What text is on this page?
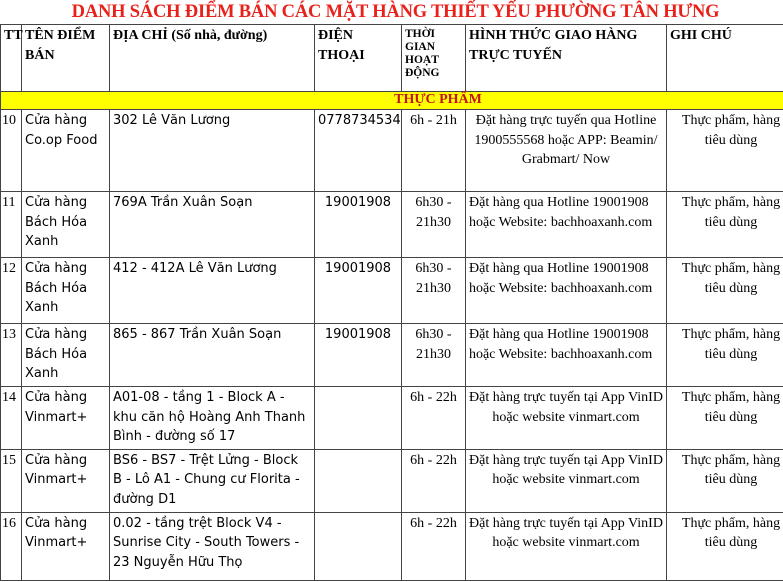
DANH SÁCH ĐIỂM BÁN CÁC MẶT HÀNG THIẾT YẾU PHƯỜNG TÂN HƯNG
TT	TÊN ĐIỂM BÁN	ĐỊA CHỈ (Số nhà, đường)	ĐIỆN THOẠI	THỜI GIAN HOẠT ĐỘNG	HÌNH THỨC GIAO HÀNG TRỰC TUYẾN	GHI CHÚ
THỰC PHẨM						
10	Cửa hàng Co.op Food	302 Lê Văn Lương	0778734534	6h - 21h	Đặt hàng trực tuyến qua Hotline 1900555568 hoặc APP: Beamin/ Grabmart/ Now	Thực phẩm, hàng tiêu dùng
11	Cửa hàng Bách Hóa Xanh	769A Trần Xuân Soạn	19001908	6h30 - 21h30	Đặt hàng qua Hotline 19001908 hoặc Website: bachhoaxanh.com	Thực phẩm, hàng tiêu dùng
12	Cửa hàng Bách Hóa Xanh	412 - 412A Lê Văn Lương	19001908	6h30 - 21h30	Đặt hàng qua Hotline 19001908 hoặc Website: bachhoaxanh.com	Thực phẩm, hàng tiêu dùng
13	Cửa hàng Bách Hóa Xanh	865 - 867 Trần Xuân Soạn	19001908	6h30 - 21h30	Đặt hàng qua Hotline 19001908 hoặc Website: bachhoaxanh.com	Thực phẩm, hàng tiêu dùng
14	Cửa hàng Vinmart+	A01-08 - tầng 1 - Block A - khu căn hộ Hoàng Anh Thanh Bình - đường số 17		6h - 22h	Đặt hàng trực tuyến tại App VinID hoặc website vinmart.com	Thực phẩm, hàng tiêu dùng
15	Cửa hàng Vinmart+	BS6 - BS7 - Trệt Lửng - Block B - Lô A1 - Chung cư Florita - đường D1		6h - 22h	Đặt hàng trực tuyến tại App VinID hoặc website vinmart.com	Thực phẩm, hàng tiêu dùng
16	Cửa hàng Vinmart+	0.02 - tầng trệt Block V4 - Sunrise City - South Towers - 23 Nguyễn Hữu Thọ		6h - 22h	Đặt hàng trực tuyến tại App VinID hoặc website vinmart.com	Thực phẩm, hàng tiêu dùng
